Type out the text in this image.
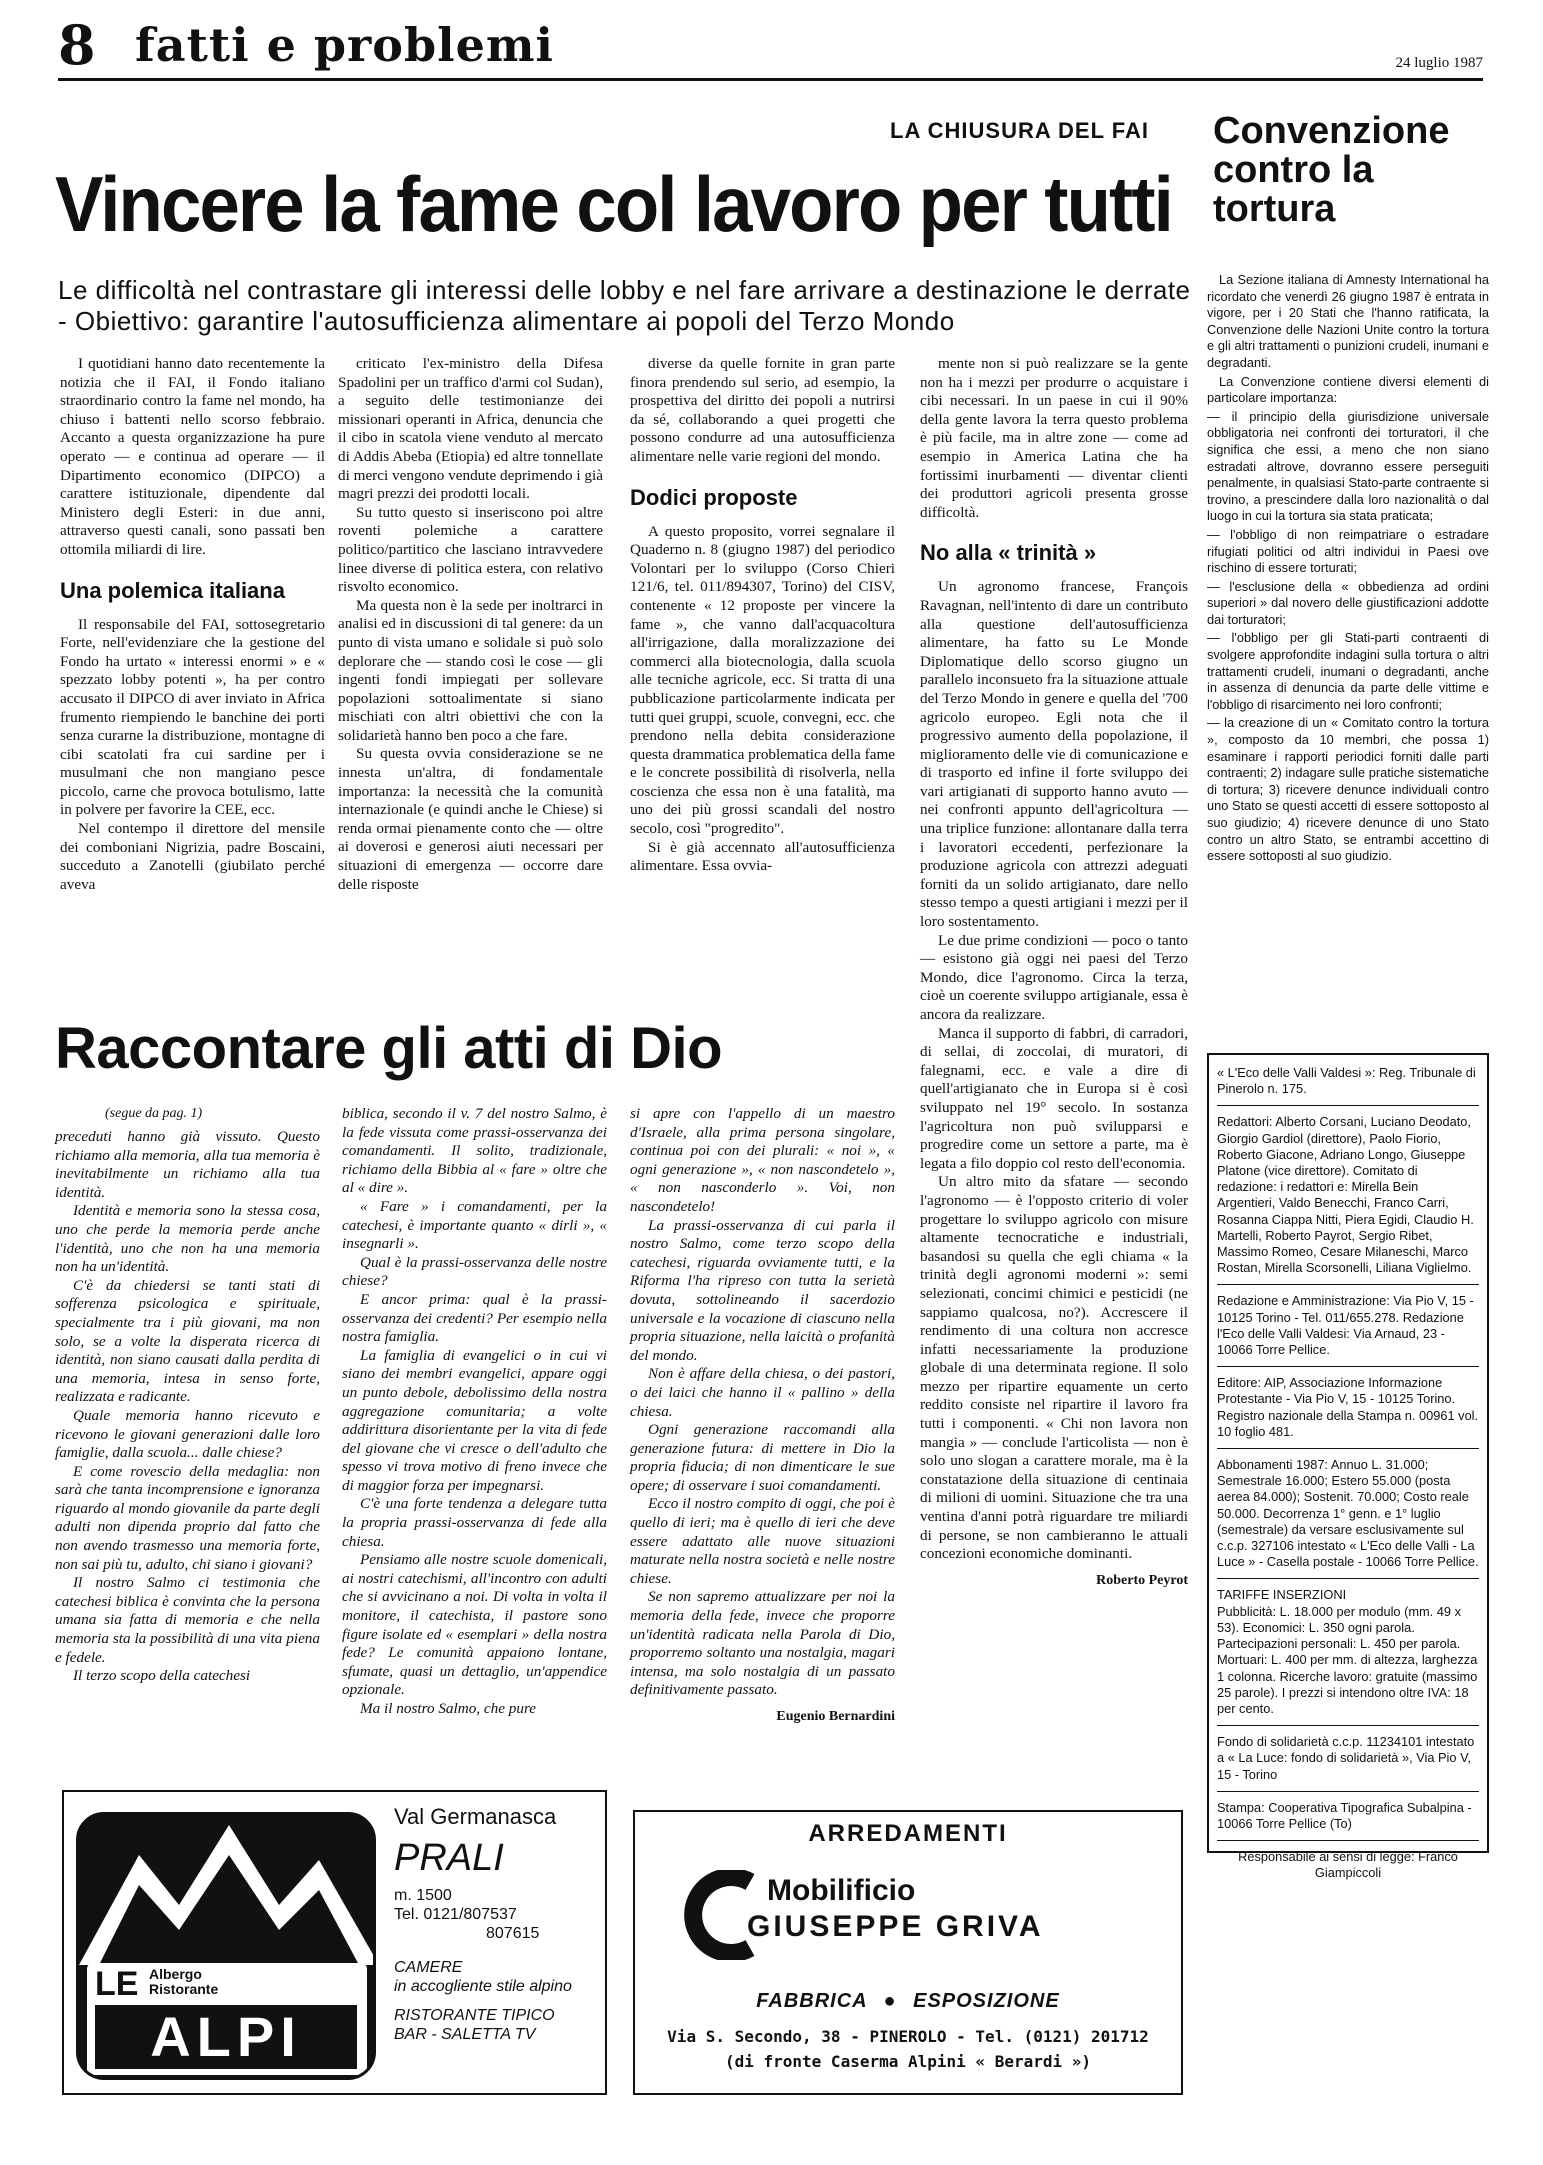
8 fatti e problemi	24 luglio 1987
LA CHIUSURA DEL FAI
Vincere la fame col lavoro per tutti
Le difficoltà nel contrastare gli interessi delle lobby e nel fare arrivare a destinazione le derrate - Obiettivo: garantire l'autosufficienza alimentare ai popoli del Terzo Mondo
Convenzione contro la tortura

I quotidiani hanno dato recentemente la notizia che il FAI, il Fondo italiano straordinario contro la fame nel mondo, ha chiuso i battenti nello scorso febbraio. Accanto a questa organizzazione ha pure operato — e continua ad operare — il Dipartimento economico (DIPCO) a carattere istituzionale, dipendente dal Ministero degli Esteri: in due anni, attraverso questi canali, sono passati ben ottomila miliardi di lire.

Una polemica italiana

Il responsabile del FAI, sottosegretario Forte, nell'evidenziare che la gestione del Fondo ha urtato « interessi enormi » e « spezzato lobby potenti », ha per contro accusato il DIPCO di aver inviato in Africa frumento riempiendo le banchine dei porti senza curarne la distribuzione, montagne di cibi scatolati fra cui sardine per i musulmani che non mangiano pesce piccolo, carne che provoca botulismo, latte in polvere per favorire la CEE, ecc.

Nel contempo il direttore del mensile dei comboniani Nigrizia, padre Boscaini, succeduto a Zanotelli (giubilato perché aveva

criticato l'ex-ministro della Difesa Spadolini per un traffico d'armi col Sudan), a seguito delle testimonianze dei missionari operanti in Africa, denuncia che il cibo in scatola viene venduto al mercato di Addis Abeba (Etiopia) ed altre tonnellate di merci vengono vendute deprimendo i già magri prezzi dei prodotti locali.

Su tutto questo si inseriscono poi altre roventi polemiche a carattere politico/partitico che lasciano intravvedere linee diverse di politica estera, con relativo risvolto economico.

Ma questa non è la sede per inoltrarci in analisi ed in discussioni di tal genere: da un punto di vista umano e solidale si può solo deplorare che — stando così le cose — gli ingenti fondi impiegati per sollevare popolazioni sottoalimentate si siano mischiati con altri obiettivi che con la solidarietà hanno ben poco a che fare.

Su questa ovvia considerazione se ne innesta un'altra, di fondamentale importanza: la necessità che la comunità internazionale (e quindi anche le Chiese) si renda ormai pienamente conto che — oltre ai doverosi e generosi aiuti necessari per situazioni di emergenza — occorre dare delle risposte

diverse da quelle fornite in gran parte finora prendendo sul serio, ad esempio, la prospettiva del diritto dei popoli a nutrirsi da sé, collaborando a quei progetti che possono condurre ad una autosufficienza alimentare nelle varie regioni del mondo.

Dodici proposte

A questo proposito, vorrei segnalare il Quaderno n. 8 (giugno 1987) del periodico Volontari per lo sviluppo (Corso Chieri 121/6, tel. 011/894307, Torino) del CISV, contenente « 12 proposte per vincere la fame », che vanno dall'acquacoltura all'irrigazione, dalla moralizzazione dei commerci alla biotecnologia, dalla scuola alle tecniche agricole, ecc. Si tratta di una pubblicazione particolarmente indicata per tutti quei gruppi, scuole, convegni, ecc. che prendono nella debita considerazione questa drammatica problematica della fame e le concrete possibilità di risolverla, nella coscienza che essa non è una fatalità, ma uno dei più grossi scandali del nostro secolo, così "progredito".

Si è già accennato all'autosufficienza alimentare. Essa ovvia-

mente non si può realizzare se la gente non ha i mezzi per produrre o acquistare i cibi necessari. In un paese in cui il 90% della gente lavora la terra questo problema è più facile, ma in altre zone — come ad esempio in America Latina che ha fortissimi inurbamenti — diventar clienti dei produttori agricoli presenta grosse difficoltà.

No alla « trinità »

Un agronomo francese, François Ravagnan, nell'intento di dare un contributo alla questione dell'autosufficienza alimentare, ha fatto su Le Monde Diplomatique dello scorso giugno un parallelo inconsueto fra la situazione attuale del Terzo Mondo in genere e quella del '700 agricolo europeo. Egli nota che il progressivo aumento della popolazione, il miglioramento delle vie di comunicazione e di trasporto ed infine il forte sviluppo dei vari artigianati di supporto hanno avuto — nei confronti appunto dell'agricoltura — una triplice funzione: allontanare dalla terra i lavoratori eccedenti, perfezionare la produzione agricola con attrezzi adeguati forniti da un solido artigianato, dare nello stesso tempo a questi artigiani i mezzi per il loro sostentamento.

Le due prime condizioni — poco o tanto — esistono già oggi nei paesi del Terzo Mondo, dice l'agronomo. Circa la terza, cioè un coerente sviluppo artigianale, essa è ancora da realizzare.

Manca il supporto di fabbri, di carradori, di sellai, di zoccolai, di muratori, di falegnami, ecc. e vale a dire di quell'artigianato che in Europa si è così sviluppato nel 19° secolo. In sostanza l'agricoltura non può svilupparsi e progredire come un settore a parte, ma è legata a filo doppio col resto dell'economia.

Un altro mito da sfatare — secondo l'agronomo — è l'opposto criterio di voler progettare lo sviluppo agricolo con misure altamente tecnocratiche e industriali, basandosi su quella che egli chiama « la trinità degli agronomi moderni »: semi selezionati, concimi chimici e pesticidi (ne sappiamo qualcosa, no?). Accrescere il rendimento di una coltura non accresce infatti necessariamente la produzione globale di una determinata regione. Il solo mezzo per ripartire equamente un certo reddito consiste nel ripartire il lavoro fra tutti i componenti. « Chi non lavora non mangia » — conclude l'articolista — non è solo uno slogan a carattere morale, ma è la constatazione della situazione di centinaia di milioni di uomini. Situazione che tra una ventina d'anni potrà riguardare tre miliardi di persone, se non cambieranno le attuali concezioni economiche dominanti.

Roberto Peyrot

La Sezione italiana di Amnesty International ha ricordato che venerdì 26 giugno 1987 è entrata in vigore, per i 20 Stati che l'hanno ratificata, la Convenzione delle Nazioni Unite contro la tortura e gli altri trattamenti o punizioni crudeli, inumani e degradanti.

La Convenzione contiene diversi elementi di particolare importanza:

— il principio della giurisdizione universale obbligatoria nei confronti dei torturatori, il che significa che essi, a meno che non siano estradati altrove, dovranno essere perseguiti penalmente, in qualsiasi Stato-parte contraente si trovino, a prescindere dalla loro nazionalità o dal luogo in cui la tortura sia stata praticata;

— l'obbligo di non reimpatriare o estradare rifugiati politici od altri individui in Paesi ove rischino di essere torturati;

— l'esclusione della « obbedienza ad ordini superiori » dal novero delle giustificazioni addotte dai torturatori;

— l'obbligo per gli Stati-parti contraenti di svolgere approfondite indagini sulla tortura o altri trattamenti crudeli, inumani o degradanti, anche in assenza di denuncia da parte delle vittime e l'obbligo di risarcimento nei loro confronti;

— la creazione di un « Comitato contro la tortura », composto da 10 membri, che possa 1) esaminare i rapporti periodici forniti dalle parti contraenti; 2) indagare sulle pratiche sistematiche di tortura; 3) ricevere denunce individuali contro uno Stato se questi accetti di essere sottoposto al suo giudizio; 4) ricevere denunce di uno Stato contro un altro Stato, se entrambi accettino di essere sottoposti al suo giudizio.

Raccontare gli atti di Dio
(segue da pag. 1)

preceduti hanno già vissuto. Questo richiamo alla memoria, alla tua memoria è inevitabilmente un richiamo alla tua identità.

Identità e memoria sono la stessa cosa, uno che perde la memoria perde anche l'identità, uno che non ha una memoria non ha un'identità.

C'è da chiedersi se tanti stati di sofferenza psicologica e spirituale, specialmente tra i più giovani, ma non solo, se a volte la disperata ricerca di identità, non siano causati dalla perdita di una memoria, intesa in senso forte, realizzata e radicante.

Quale memoria hanno ricevuto e ricevono le giovani generazioni dalle loro famiglie, dalla scuola... dalle chiese?

E come rovescio della medaglia: non sarà che tanta incomprensione e ignoranza riguardo al mondo giovanile da parte degli adulti non dipenda proprio dal fatto che non avendo trasmesso una memoria forte, non sai più tu, adulto, chi siano i giovani?

Il nostro Salmo ci testimonia che catechesi biblica è convinta che la persona umana sia fatta di memoria e che nella memoria sta la possibilità di una vita piena e fedele.

Il terzo scopo della catechesi

biblica, secondo il v. 7 del nostro Salmo, è la fede vissuta come prassi-osservanza dei comandamenti. Il solito, tradizionale, richiamo della Bibbia al « fare » oltre che al « dire ».

« Fare » i comandamenti, per la catechesi, è importante quanto « dirli », « insegnarli ».

Qual è la prassi-osservanza delle nostre chiese?

E ancor prima: qual è la prassi-osservanza dei credenti? Per esempio nella nostra famiglia.

La famiglia di evangelici o in cui vi siano dei membri evangelici, appare oggi un punto debole, debolissimo della nostra aggregazione comunitaria; a volte addirittura disorientante per la vita di fede del giovane che vi cresce o dell'adulto che spesso vi trova motivo di freno invece che di maggior forza per impegnarsi.

C'è una forte tendenza a delegare tutta la propria prassi-osservanza di fede alla chiesa.

Pensiamo alle nostre scuole domenicali, ai nostri catechismi, all'incontro con adulti che si avvicinano a noi. Di volta in volta il monitore, il catechista, il pastore sono figure isolate ed « esemplari » della nostra fede? Le comunità appaiono lontane, sfumate, quasi un dettaglio, un'appendice opzionale.

Ma il nostro Salmo, che pure

si apre con l'appello di un maestro d'Israele, alla prima persona singolare, continua poi con dei plurali: « noi », « ogni generazione », « non nascondetelo », « non nasconderlo ». Voi, non nascondetelo!

La prassi-osservanza di cui parla il nostro Salmo, come terzo scopo della catechesi, riguarda ovviamente tutti, e la Riforma l'ha ripreso con tutta la serietà dovuta, sottolineando il sacerdozio universale e la vocazione di ciascuno nella propria situazione, nella laicità o profanità del mondo.

Non è affare della chiesa, o dei pastori, o dei laici che hanno il « pallino » della chiesa.

Ogni generazione raccomandi alla generazione futura: di mettere in Dio la propria fiducia; di non dimenticare le sue opere; di osservare i suoi comandamenti.

Ecco il nostro compito di oggi, che poi è quello di ieri; ma è quello di ieri che deve essere adattato alle nuove situazioni maturate nella nostra società e nelle nostre chiese.

Se non sapremo attualizzare per noi la memoria della fede, invece che proporre un'identità radicata nella Parola di Dio, proporremo soltanto una nostalgia, magari intensa, ma solo nostalgia di un passato definitivamente passato.

Eugenio Bernardini
« L'Eco delle Valli Valdesi »: Reg. Tribunale di Pinerolo n. 175.
Redattori: Alberto Corsani, Luciano Deodato, Giorgio Gardiol (direttore), Paolo Fiorio, Roberto Giacone, Adriano Longo, Giuseppe Platone (vice direttore). Comitato di redazione: i redattori e: Mirella Bein Argentieri, Valdo Benecchi, Franco Carri, Rosanna Ciappa Nitti, Piera Egidi, Claudio H. Martelli, Roberto Payrot, Sergio Ribet, Massimo Romeo, Cesare Milaneschi, Marco Rostan, Mirella Scorsonelli, Liliana Viglielmo.
Redazione e Amministrazione: Via Pio V, 15 - 10125 Torino - Tel. 011/655.278. Redazione l'Eco delle Valli Valdesi: Via Arnaud, 23 - 10066 Torre Pellice.
Editore: AIP, Associazione Informazione Protestante - Via Pio V, 15 - 10125 Torino. Registro nazionale della Stampa n. 00961 vol. 10 foglio 481.
Abbonamenti 1987: Annuo L. 31.000; Semestrale 16.000; Estero 55.000 (posta aerea 84.000); Sostenit. 70.000; Costo reale 50.000. Decorrenza 1° genn. e 1° luglio (semestrale) da versare esclusivamente sul c.c.p. 327106 intestato « L'Eco delle Valli - La Luce » - Casella postale - 10066 Torre Pellice.
TARIFFE INSERZIONI
Pubblicità: L. 18.000 per modulo (mm. 49 x 53). Economici: L. 350 ogni parola. Partecipazioni personali: L. 450 per parola. Mortuari: L. 400 per mm. di altezza, larghezza 1 colonna. Ricerche lavoro: gratuite (massimo 25 parole). I prezzi si intendono oltre IVA: 18 per cento.
Fondo di solidarietà c.c.p. 11234101 intestato a « La Luce: fondo di solidarietà », Via Pio V, 15 - Torino
Stampa: Cooperativa Tipografica Subalpina - 10066 Torre Pellice (To)
Responsabile ai sensi di legge: Franco Giampiccoli
LE Albergo Ristorante
ALPI
Val Germanasca
PRALI
m. 1500
Tel. 0121/807537
807615
CAMERE
in accogliente stile alpino
RISTORANTE TIPICO
BAR - SALETTA TV
ARREDAMENTI
Mobilificio
GIUSEPPE GRIVA
FABBRICA ● ESPOSIZIONE
Via S. Secondo, 38 - PINEROLO - Tel. (0121) 201712
(di fronte Caserma Alpini « Berardi »)
